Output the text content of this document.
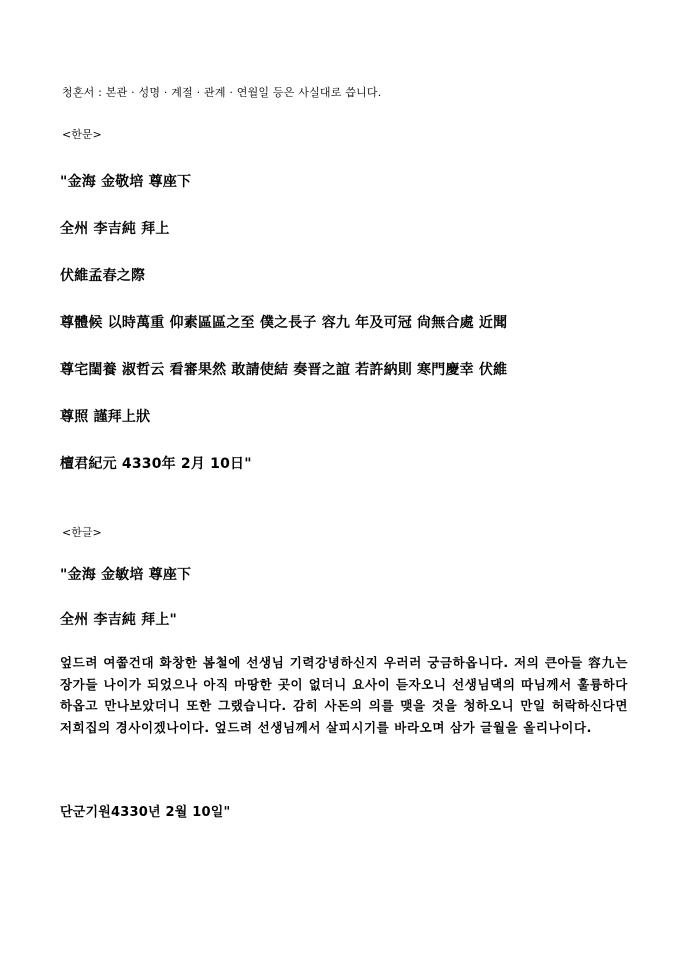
청혼서 : 본관 · 성명 · 계절 · 관계 · 연월일 등은 사실대로 씁니다.
<한문>
"金海 金敬培 尊座下
全州 李吉純 拜上
伏維孟春之際
尊體候 以時萬重 仰素區區之至 僕之長子 容九 年及可冠 尙無合處 近聞
尊宅閨養 淑哲云 看審果然 敢請使結 奏晋之誼 若許納則 寒門慶幸 伏維
尊照 謹拜上狀
檀君紀元 4330年 2月 10日"
<한글>
"金海 金敏培 尊座下
全州 李吉純 拜上"
엎드려 여쭙건대 화창한 봄철에 선생님 기력강녕하신지 우러러 궁금하옵니다. 저의 큰아들 容九는 장가들 나이가 되었으나 아직 마땅한 곳이 없더니 요사이 듣자오니 선생님댁의 따님께서 훌륭하다 하옵고 만나보았더니 또한 그랬습니다. 감히 사돈의 의를 맺을 것을 청하오니 만일 허락하신다면 저희집의 경사이겠나이다. 엎드려 선생님께서 살피시기를 바라오며 삼가 글월을 올리나이다.
단군기원4330년 2월 10일"
